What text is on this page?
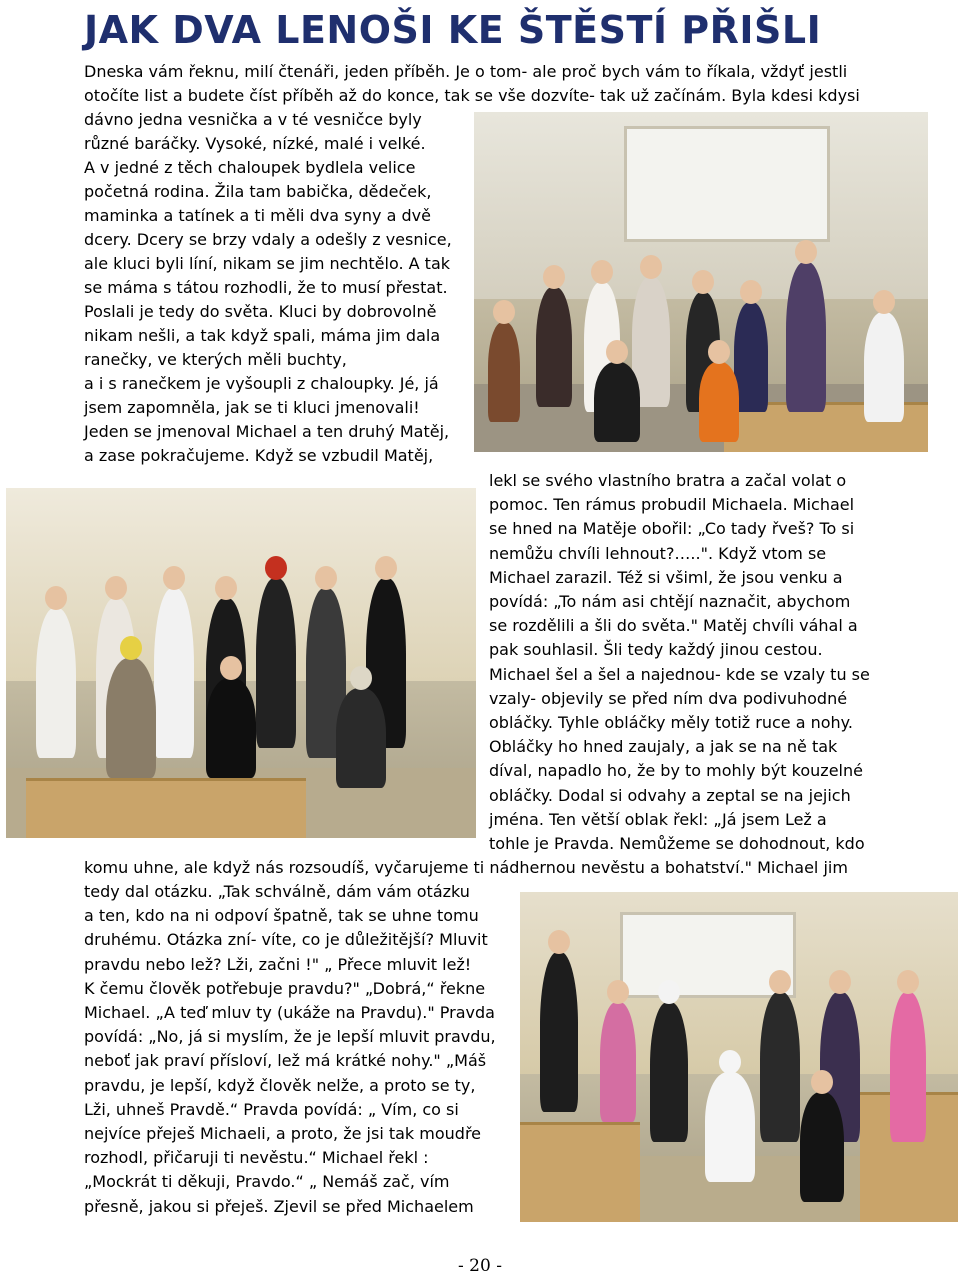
JAK DVA LENOŠI KE ŠTĚSTÍ PŘIŠLI
Dneska vám řeknu, milí čtenáři, jeden příběh. Je o tom- ale proč bych vám to říkala, vždyť jestli
otočíte list a budete číst příběh až do konce, tak se vše dozvíte- tak už začínám. Byla kdesi kdysi
dávno jedna vesnička a v té vesničce byly
různé baráčky. Vysoké, nízké, malé i velké.
A v jedné z těch chaloupek bydlela velice
početná rodina. Žila tam babička, dědeček,
maminka a tatínek a ti měli dva syny a dvě
dcery. Dcery se brzy vdaly a odešly z vesnice,
ale kluci byli líní, nikam se jim nechtělo. A tak
se máma s tátou rozhodli, že to musí přestat.
Poslali je tedy do světa. Kluci by dobrovolně
nikam nešli, a tak když spali, máma jim dala
ranečky, ve kterých měli buchty,
a i s ranečkem je vyšoupli z chaloupky. Jé, já
jsem zapomněla, jak se ti kluci jmenovali!
Jeden se jmenoval Michael a ten druhý Matěj,
a zase pokračujeme. Když se vzbudil Matěj,
lekl se svého vlastního bratra a začal volat o
pomoc. Ten rámus probudil Michaela. Michael
se hned na Matěje obořil: „Co tady řveš? To si
nemůžu chvíli lehnout?…..". Když vtom se
Michael zarazil. Též si všiml, že jsou venku a
povídá: „To nám asi chtějí naznačit, abychom
se rozdělili a šli do světa." Matěj chvíli váhal a
pak souhlasil. Šli tedy každý jinou cestou.
Michael šel a šel a najednou- kde se vzaly tu se
vzaly- objevily se před ním dva podivuhodné
obláčky. Tyhle obláčky měly totiž ruce a nohy.
Obláčky ho hned zaujaly, a jak se na ně tak
díval, napadlo ho, že by to mohly být kouzelné
obláčky. Dodal si odvahy a zeptal se na jejich
jména. Ten větší oblak řekl: „Já jsem Lež a
tohle je Pravda. Nemůžeme se dohodnout, kdo
komu uhne, ale když nás rozsoudíš, vyčarujeme ti nádhernou nevěstu a bohatství." Michael jim
tedy dal otázku. „Tak schválně, dám vám otázku
a ten, kdo na ni odpoví špatně, tak se uhne tomu
druhému. Otázka zní- víte, co je důležitější? Mluvit
pravdu nebo lež? Lži, začni !" „ Přece mluvit lež!
K čemu člověk potřebuje pravdu?" „Dobrá,“ řekne
Michael. „A teď mluv ty (ukáže na Pravdu)." Pravda
povídá: „No, já si myslím, že je lepší mluvit pravdu,
neboť jak praví přísloví, lež má krátké nohy." „Máš
pravdu, je lepší, když člověk nelže, a proto se ty,
Lži, uhneš Pravdě.“ Pravda povídá: „ Vím, co si
nejvíce přeješ Michaeli, a proto, že jsi tak moudře
rozhodl, přičaruji ti nevěstu.“ Michael řekl :
„Mockrát ti děkuji, Pravdo.“ „ Nemáš zač, vím
přesně, jakou si přeješ. Zjevil se před Michaelem
- 20 -
